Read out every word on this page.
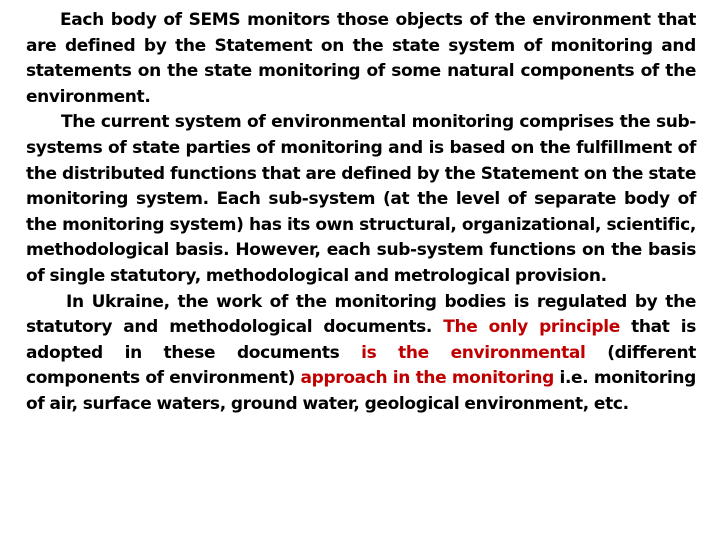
Each body of SEMS monitors those objects of the environment that are defined by the Statement on the state system of monitoring and statements on the state monitoring of some natural components of the environment.

The current system of environmental monitoring comprises the sub-systems of state parties of monitoring and is based on the fulfillment of the distributed functions that are defined by the Statement on the state monitoring system. Each sub-system (at the level of separate body of the monitoring system) has its own structural, organizational, scientific, methodological basis. However, each sub-system functions on the basis of single statutory, methodological and metrological provision.

In Ukraine, the work of the monitoring bodies is regulated by the statutory and methodological documents. The only principle that is adopted in these documents is the environmental (different components of environment) approach in the monitoring i.e. monitoring of air, surface waters, ground water, geological environment, etc.
